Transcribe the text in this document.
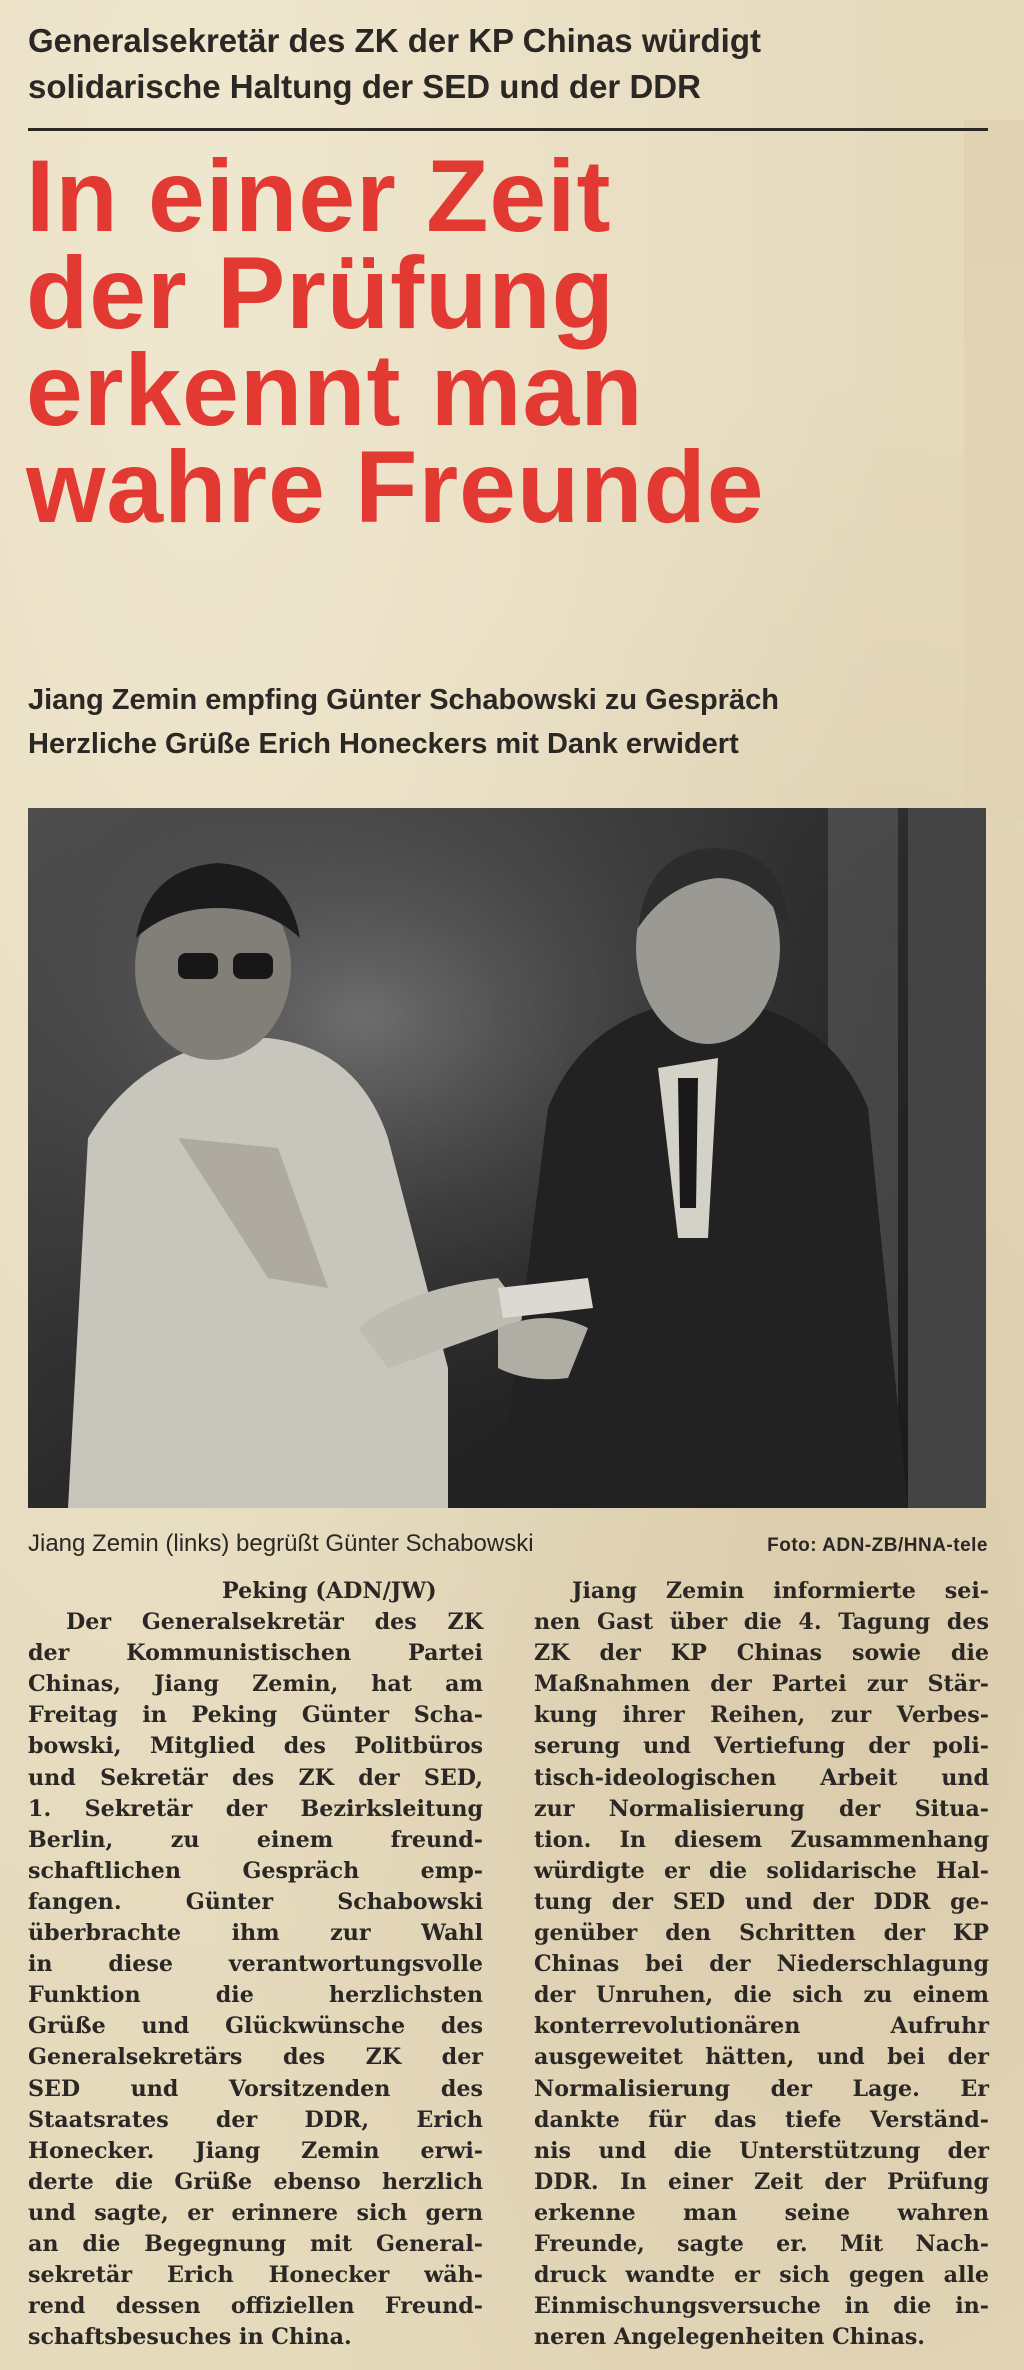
Generalsekretär des ZK der KP Chinas würdigt
solidarische Haltung der SED und der DDR
In einer Zeit
der Prüfung
erkennt man
wahre Freunde
Jiang Zemin empfing Günter Schabowski zu Gespräch
Herzliche Grüße Erich Honeckers mit Dank erwidert
Jiang Zemin (links) begrüßt Günter Schabowski	Foto: ADN-ZB/HNA-tele
Peking (ADN/JW)
Der Generalsekretär des ZK
der Kommunistischen Partei
Chinas, Jiang Zemin, hat am
Freitag in Peking Günter Scha-
bowski, Mitglied des Politbüros
und Sekretär des ZK der SED,
1. Sekretär der Bezirksleitung
Berlin, zu einem freund-
schaftlichen Gespräch emp-
fangen. Günter Schabowski
überbrachte ihm zur Wahl
in diese verantwortungsvolle
Funktion die herzlichsten
Grüße und Glückwünsche des
Generalsekretärs des ZK der
SED und Vorsitzenden des
Staatsrates der DDR, Erich
Honecker. Jiang Zemin erwi-
derte die Grüße ebenso herzlich
und sagte, er erinnere sich gern
an die Begegnung mit General-
sekretär Erich Honecker wäh-
rend dessen offiziellen Freund-
schaftsbesuches in China.
Jiang Zemin informierte sei-
nen Gast über die 4. Tagung des
ZK der KP Chinas sowie die
Maßnahmen der Partei zur Stär-
kung ihrer Reihen, zur Verbes-
serung und Vertiefung der poli-
tisch-ideologischen Arbeit und
zur Normalisierung der Situa-
tion. In diesem Zusammenhang
würdigte er die solidarische Hal-
tung der SED und der DDR ge-
genüber den Schritten der KP
Chinas bei der Niederschlagung
der Unruhen, die sich zu einem
konterrevolutionären Aufruhr
ausgeweitet hätten, und bei der
Normalisierung der Lage. Er
dankte für das tiefe Verständ-
nis und die Unterstützung der
DDR. In einer Zeit der Prüfung
erkenne man seine wahren
Freunde, sagte er. Mit Nach-
druck wandte er sich gegen alle
Einmischungsversuche in die in-
neren Angelegenheiten Chinas.
